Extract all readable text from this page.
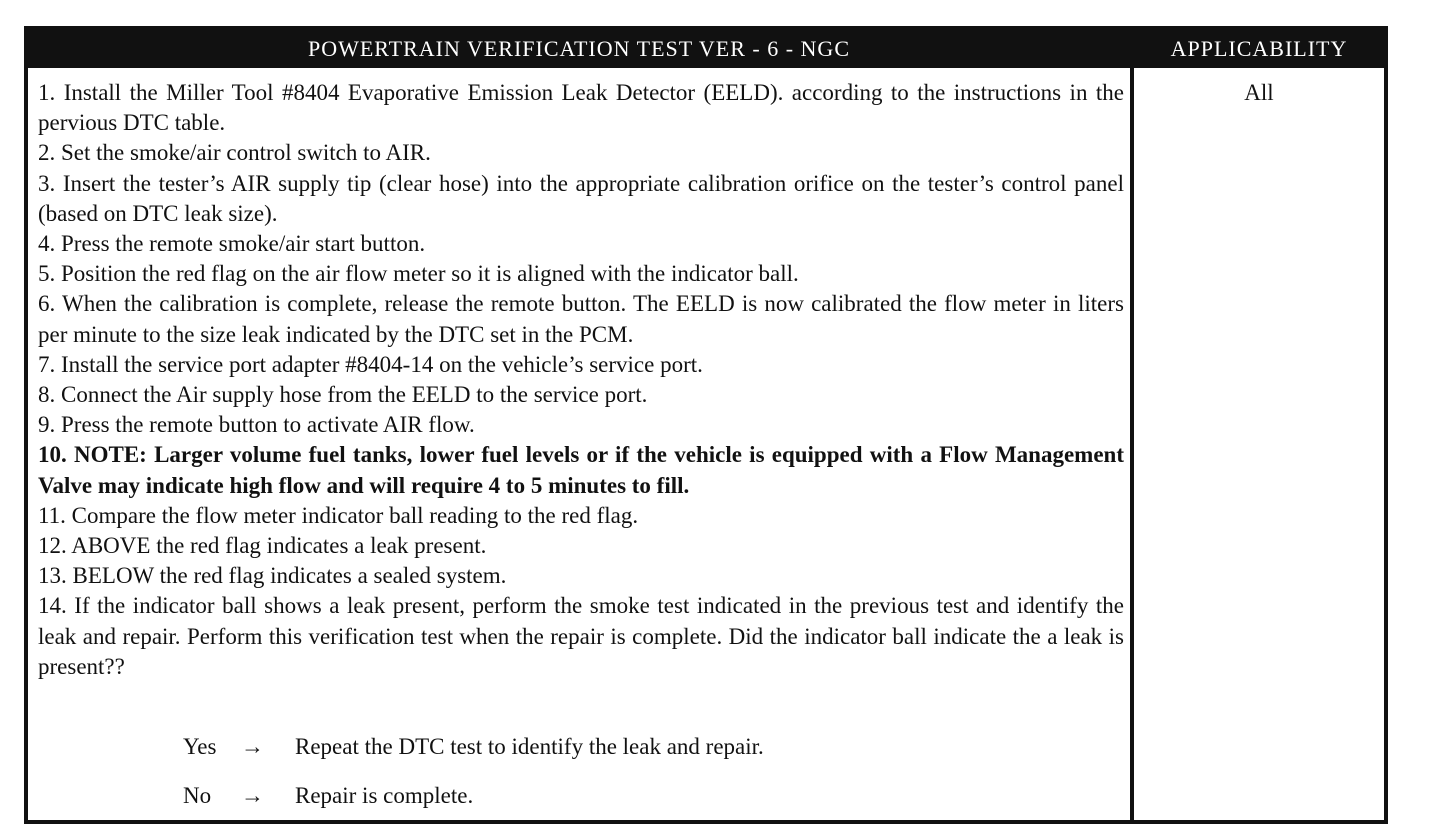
POWERTRAIN VERIFICATION TEST VER - 6 - NGC	APPLICABILITY

1. Install the Miller Tool #8404 Evaporative Emission Leak Detector (EELD). according to the instructions in the pervious DTC table.

2. Set the smoke/air control switch to AIR.

3. Insert the tester’s AIR supply tip (clear hose) into the appropriate calibration orifice on the tester’s control panel (based on DTC leak size).

4. Press the remote smoke/air start button.

5. Position the red flag on the air flow meter so it is aligned with the indicator ball.

6. When the calibration is complete, release the remote button. The EELD is now calibrated the flow meter in liters per minute to the size leak indicated by the DTC set in the PCM.

7. Install the service port adapter #8404-14 on the vehicle’s service port.

8. Connect the Air supply hose from the EELD to the service port.

9. Press the remote button to activate AIR flow.

10. NOTE: Larger volume fuel tanks, lower fuel levels or if the vehicle is equipped with a Flow Management Valve may indicate high flow and will require 4 to 5 minutes to fill.

11. Compare the flow meter indicator ball reading to the red flag.

12. ABOVE the red flag indicates a leak present.

13. BELOW the red flag indicates a sealed system.

14. If the indicator ball shows a leak present, perform the smoke test indicated in the previous test and identify the leak and repair. Perform this verification test when the repair is complete. Did the indicator ball indicate the a leak is present??

Yes → Repeat the DTC test to identify the leak and repair.
No → Repair is complete.
All
